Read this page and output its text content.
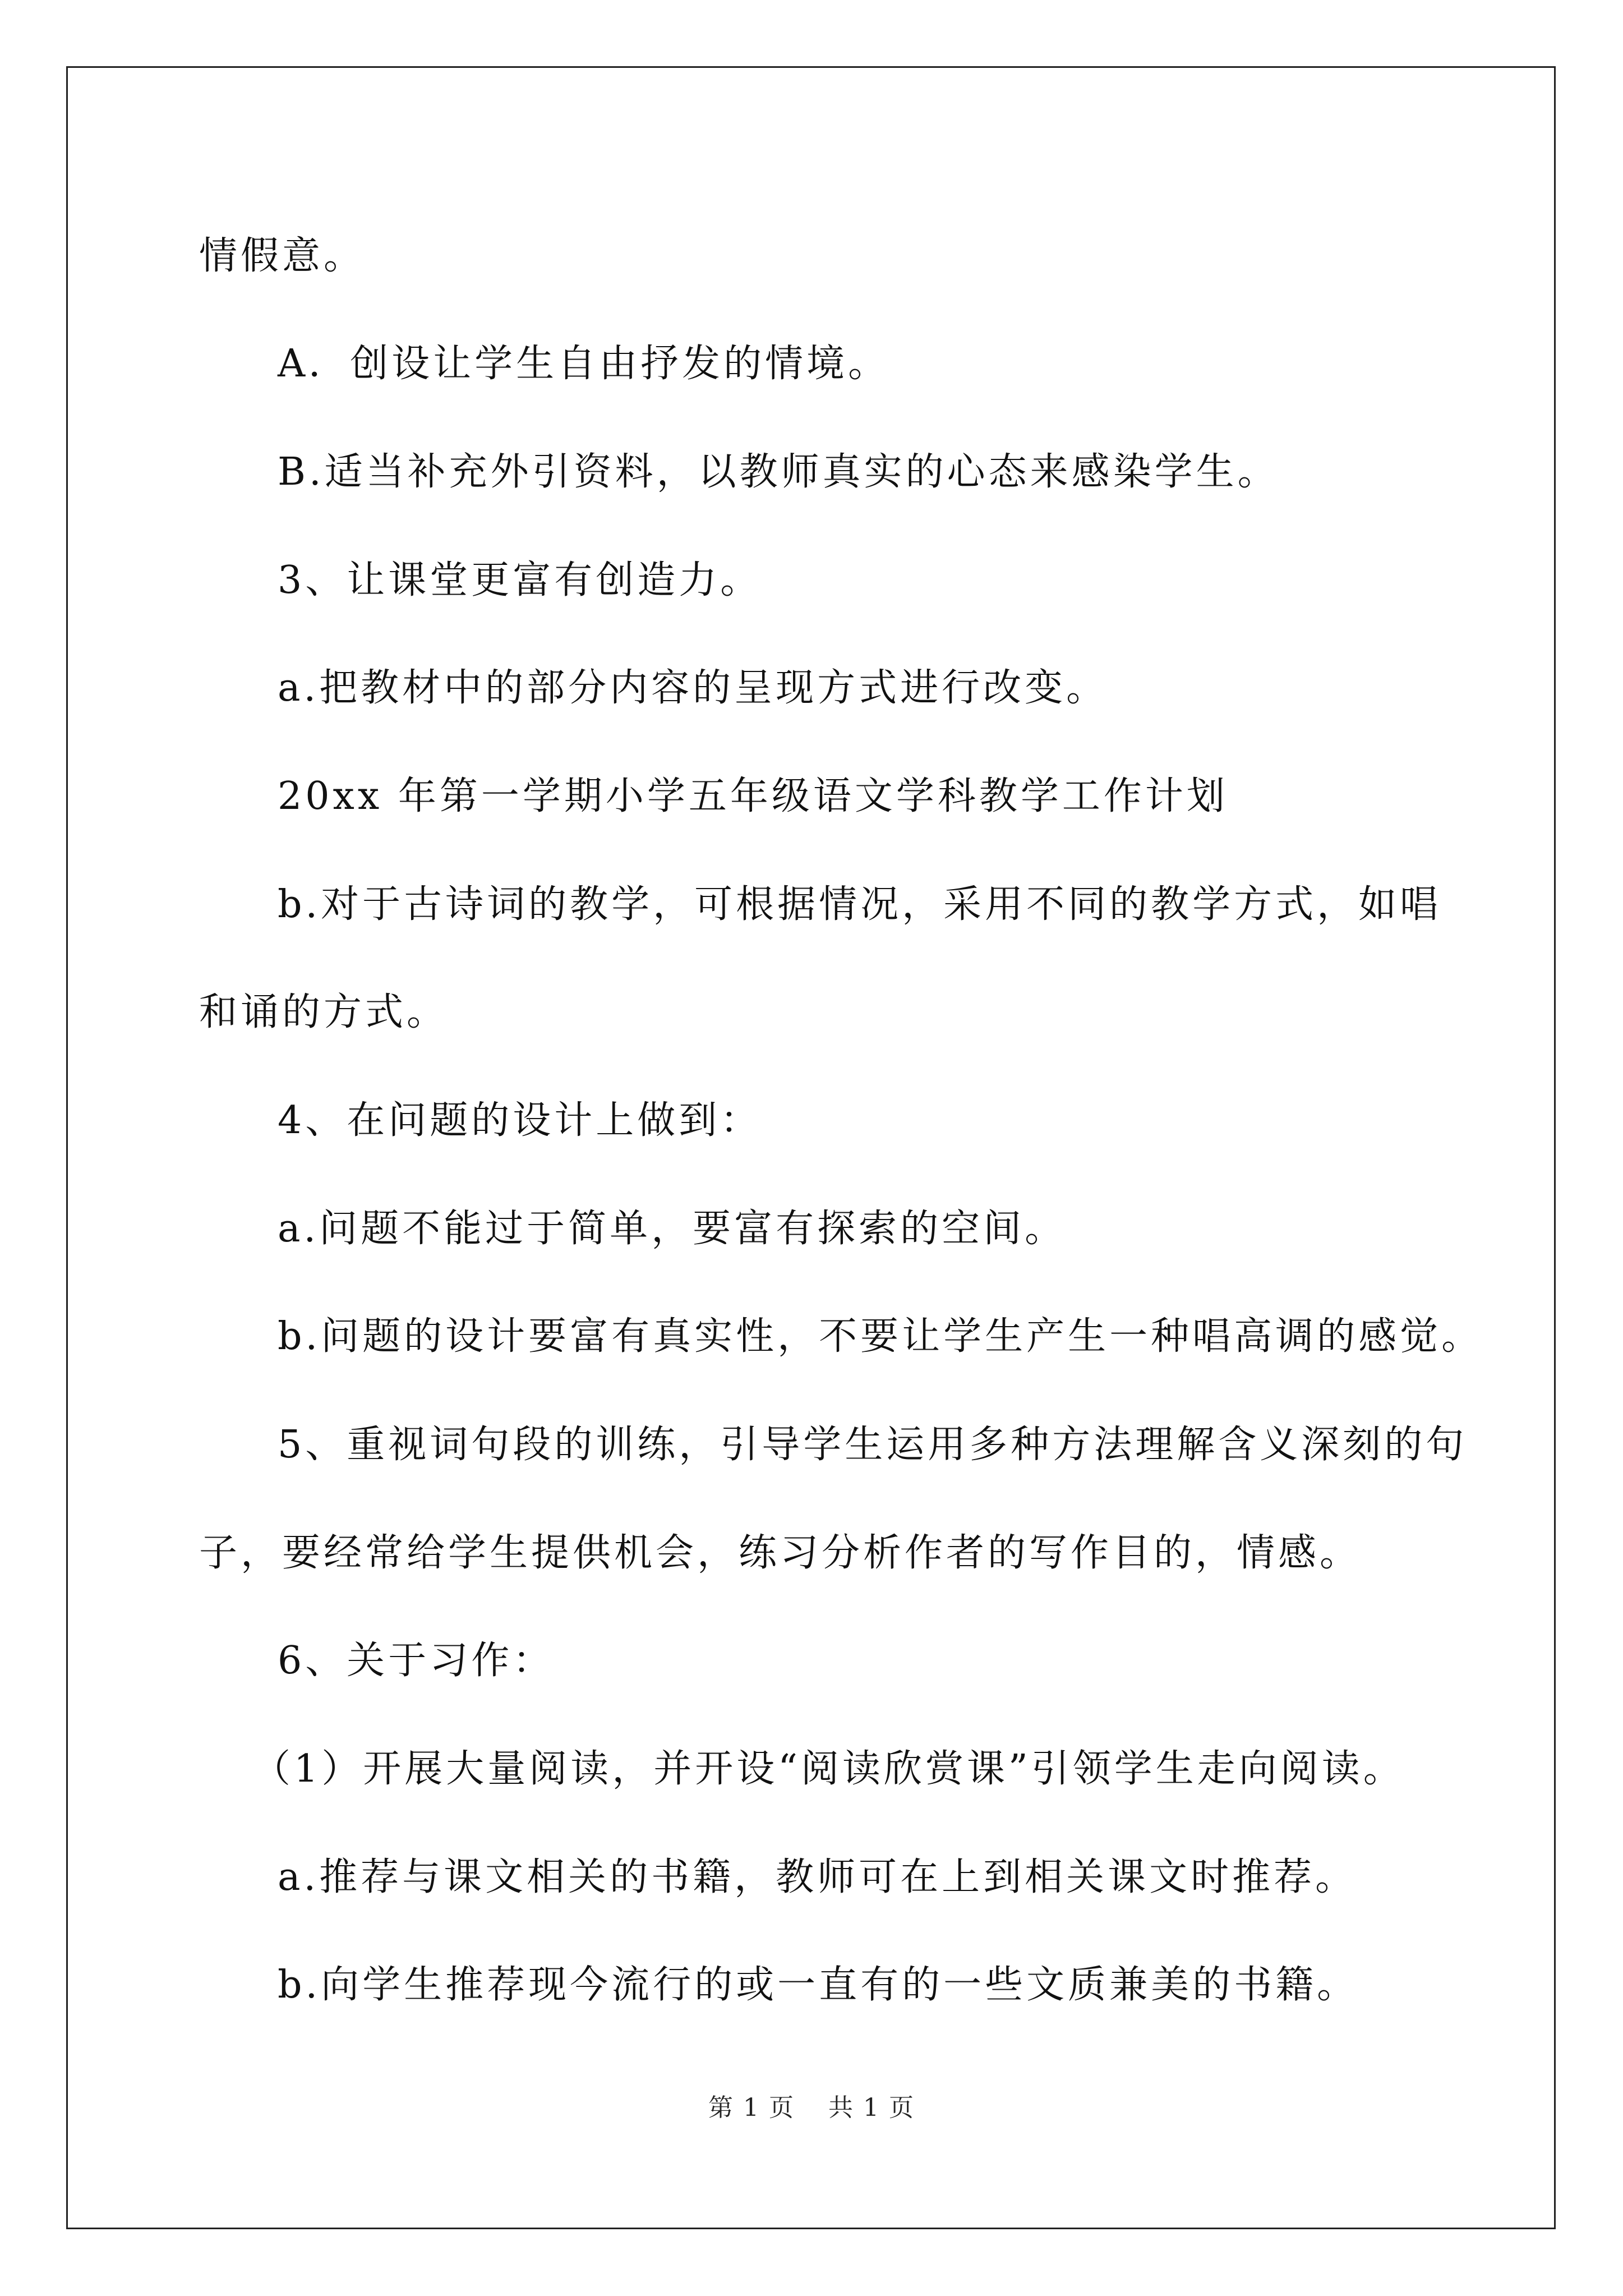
情假意。
A．创设让学生自由抒发的情境。
B.适当补充外引资料，以教师真实的心态来感染学生。
3、让课堂更富有创造力。
a.把教材中的部分内容的呈现方式进行改变。
20xx 年第一学期小学五年级语文学科教学工作计划
b.对于古诗词的教学，可根据情况，采用不同的教学方式，如唱
和诵的方式。
4、在问题的设计上做到：
a.问题不能过于简单，要富有探索的空间。
b.问题的设计要富有真实性，不要让学生产生一种唱高调的感觉。
5、重视词句段的训练，引导学生运用多种方法理解含义深刻的句
子，要经常给学生提供机会，练习分析作者的写作目的，情感。
6、关于习作：
（1）开展大量阅读，并开设“阅读欣赏课”引领学生走向阅读。
a.推荐与课文相关的书籍，教师可在上到相关课文时推荐。
b.向学生推荐现今流行的或一直有的一些文质兼美的书籍。
第 1 页 共 1 页
